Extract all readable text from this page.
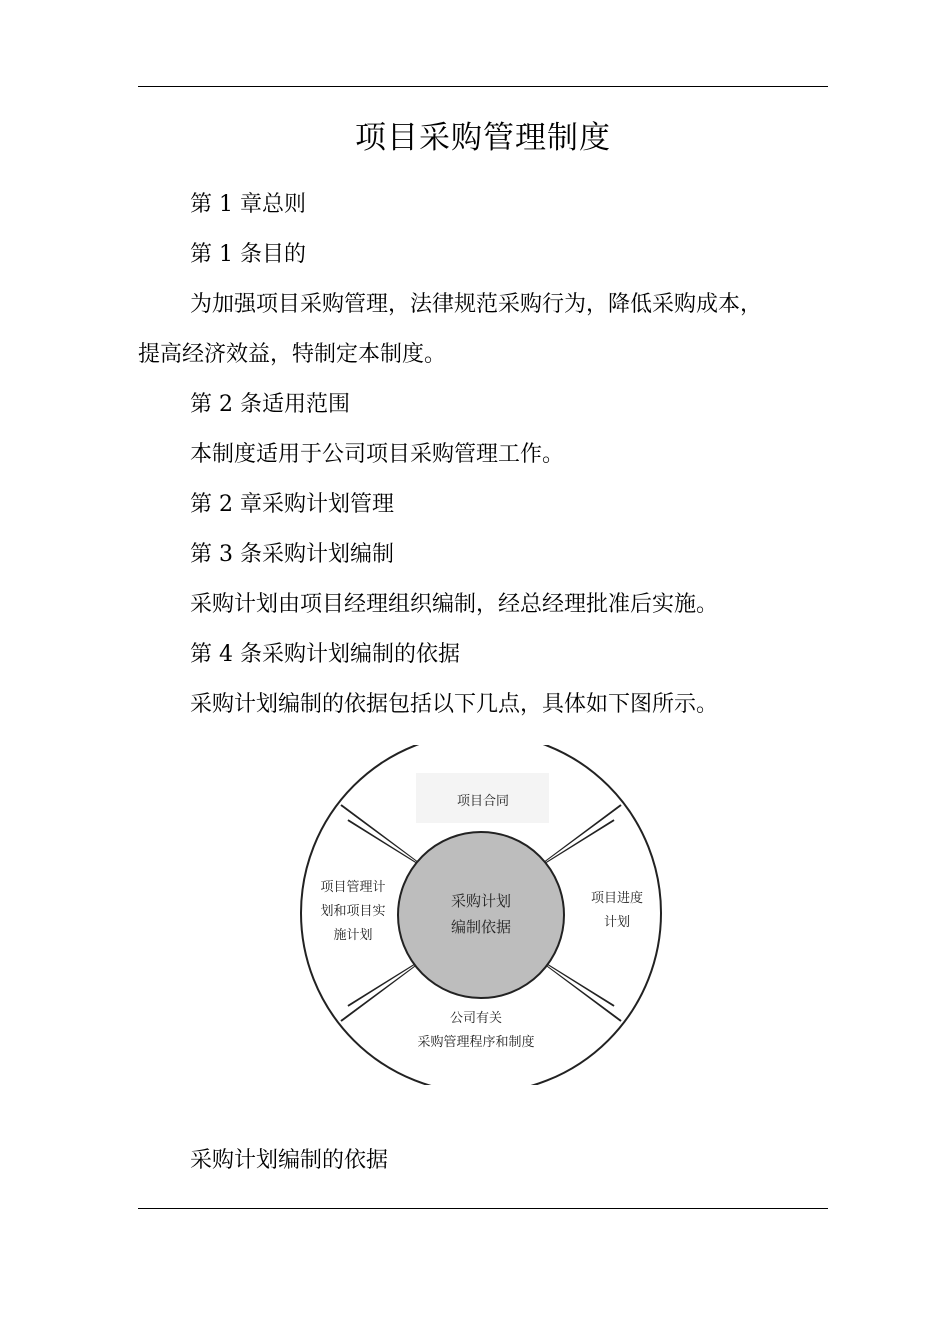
项目采购管理制度
第 1 章总则
第 1 条目的
为加强项目采购管理，法律规范采购行为，降低采购成本，
提高经济效益，特制定本制度。
第 2 条适用范围
本制度适用于公司项目采购管理工作。
第 2 章采购计划管理
第 3 条采购计划编制
采购计划由项目经理组织编制，经总经理批准后实施。
第 4 条采购计划编制的依据
采购计划编制的依据包括以下几点，具体如下图所示。
采购计划
编制依据
项目合同
项目进度
计划
公司有关
采购管理程序和制度
项目管理计
划和项目实
施计划
采购计划编制的依据
